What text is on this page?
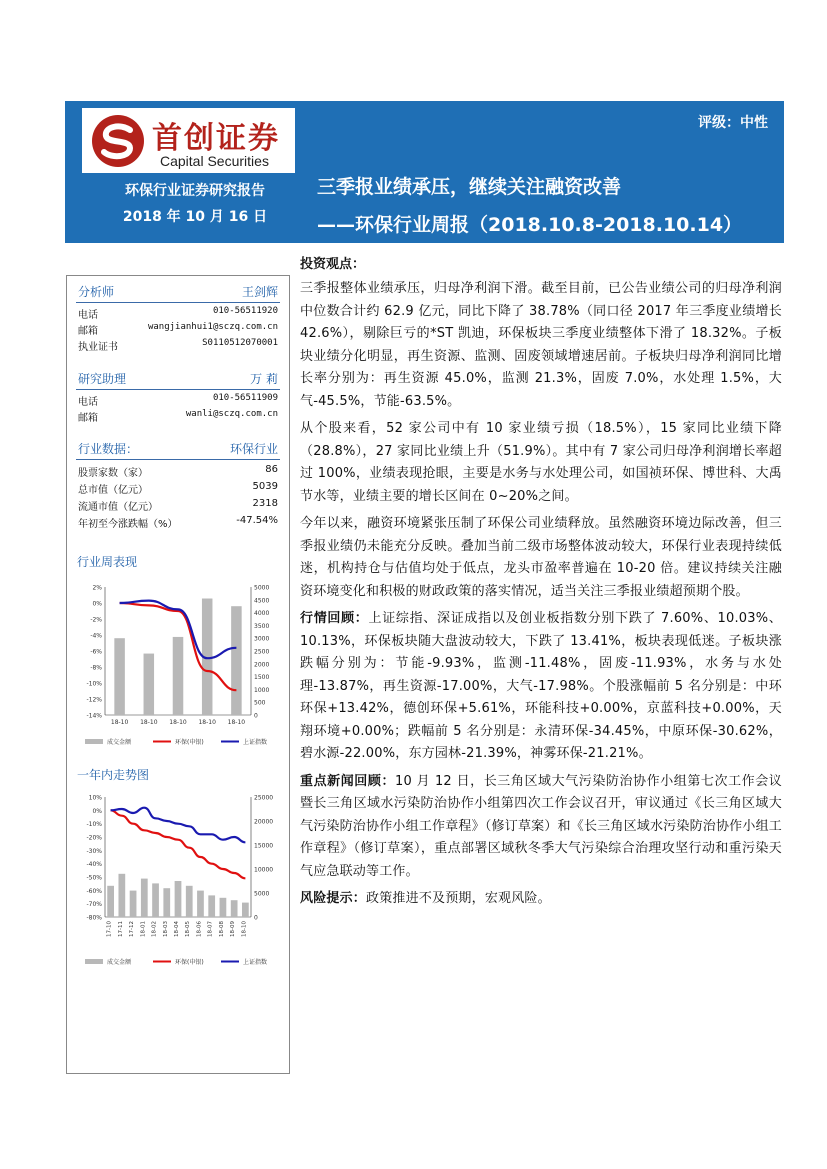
首创证券
Capital Securities
环保行业证券研究报告
2018 年 10 月 16 日
评级：中性
三季报业绩承压，继续关注融资改善
——环保行业周报（2018.10.8-2018.10.14）
分析师	王剑辉
电话	010-56511920
邮箱	wangjianhui1@sczq.com.cn
执业证书	S0110512070001
研究助理	万 莉
电话	010-56511909
邮箱	wanli@sczq.com.cn
行业数据：	环保行业
股票家数（家）	86
总市值（亿元）	5039
流通市值（亿元）	2318
年初至今涨跌幅（%）	-47.54%
行业周表现
2%
0%
-2%
-4%
-6%
-8%
-10%
-12%
-14%
5000
4500
4000
3500
3000
2500
2000
1500
1000
500
0
18-10 18-10 18-10 18-10 18-10
成交金额	环保(申银)	上证指数
一年内走势图
10%
0%
-10%
-20%
-30%
-40%
-50%
-60%
-70%
-80%
25000
20000
15000
10000
5000
0
17-10 17-11 17-12 18-01 18-02 18-03 18-04 18-05 18-06 18-07 18-08 18-09 18-10
成交金额	环保(申银)	上证指数
投资观点：

三季报整体业绩承压，归母净利润下滑。截至目前，已公告业绩公司的归母净利润中位数合计约 62.9 亿元，同比下降了 38.78%（同口径 2017 年三季度业绩增长 42.6%），剔除巨亏的*ST 凯迪，环保板块三季度业绩整体下滑了 18.32%。子板块业绩分化明显，再生资源、监测、固废领域增速居前。子板块归母净利润同比增长率分别为：再生资源 45.0%，监测 21.3%，固废 7.0%，水处理 1.5%，大气-45.5%，节能-63.5%。

从个股来看，52 家公司中有 10 家业绩亏损（18.5%），15 家同比业绩下降（28.8%），27 家同比业绩上升（51.9%）。其中有 7 家公司归母净利润增长率超过 100%，业绩表现抢眼，主要是水务与水处理公司，如国祯环保、博世科、大禹节水等，业绩主要的增长区间在 0~20%之间。

今年以来，融资环境紧张压制了环保公司业绩释放。虽然融资环境边际改善，但三季报业绩仍未能充分反映。叠加当前二级市场整体波动较大，环保行业表现持续低迷，机构持仓与估值均处于低点，龙头市盈率普遍在 10-20 倍。建议持续关注融资环境变化和积极的财政政策的落实情况，适当关注三季报业绩超预期个股。

行情回顾：上证综指、深证成指以及创业板指数分别下跌了 7.60%、10.03%、10.13%，环保板块随大盘波动较大，下跌了 13.41%，板块表现低迷。子板块涨跌幅分别为：节能-9.93%，监测-11.48%，固废-11.93%，水务与水处理-13.87%，再生资源-17.00%，大气-17.98%。个股涨幅前 5 名分别是：中环环保+13.42%，德创环保+5.61%，环能科技+0.00%，京蓝科技+0.00%，天翔环境+0.00%；跌幅前 5 名分别是：永清环保-34.45%，中原环保-30.62%，碧水源-22.00%，东方园林-21.39%，神雾环保-21.21%。

重点新闻回顾：10 月 12 日，长三角区域大气污染防治协作小组第七次工作会议暨长三角区域水污染防治协作小组第四次工作会议召开，审议通过《长三角区域大气污染防治协作小组工作章程》（修订草案）和《长三角区域水污染防治协作小组工作章程》（修订草案），重点部署区域秋冬季大气污染综合治理攻坚行动和重污染天气应急联动等工作。

风险提示：政策推进不及预期，宏观风险。
